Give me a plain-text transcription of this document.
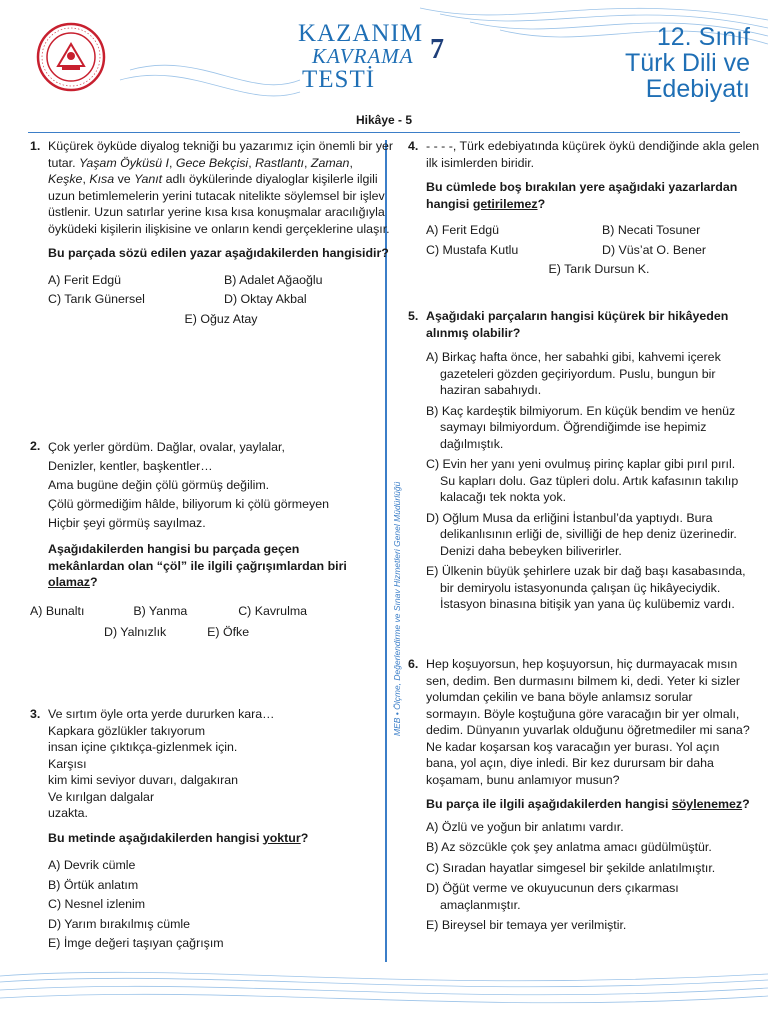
KAZANIM
KAVRAMA
TESTİ
7	12. Sınıf
Türk Dili ve
Edebiyatı
Hikâye - 5
MEB • Ölçme, Değerlendirme ve Sınav Hizmetleri Genel Müdürlüğü
1. Küçürek öyküde diyalog tekniği bu yazarımız için önemli bir yer tutar. Yaşam Öyküsü I, Gece Bekçisi, Rastlantı, Zaman, Keşke, Kısa ve Yanıt adlı öykülerinde diyaloglar kişilerle ilgili uzun betimlemelerin yerini tutacak nitelikte söylemsel bir işlev üstlenir. Uzun satırlar yerine kısa kısa konuşmalar aracılığıyla öyküdeki kişilerin ilişkisine ve onların kendi gerçeklerine ulaşır.
Bu parçada sözü edilen yazar aşağıdakilerden hangisidir?
A) Ferit Edgü	B) Adalet Ağaoğlu
C) Tarık Günersel	D) Oktay Akbal
E) Oğuz Atay
2. Çok yerler gördüm. Dağlar, ovalar, yaylalar,
Denizler, kentler, başkentler…
Ama bugüne değin çölü görmüş değilim.
Çölü görmediğim hâlde, biliyorum ki çölü görmeyen
Hiçbir şeyi görmüş sayılmaz.
Aşağıdakilerden hangisi bu parçada geçen mekânlardan olan “çöl” ile ilgili çağrışımlardan biri olamaz?
A) Bunaltı	B) Yanma	C) Kavrulma
D) Yalnızlık	E) Öfke
3. Ve sırtım öyle orta yerde dururken kara…
Kapkara gözlükler takıyorum
insan içine çıktıkça-gizlenmek için.
Karşısı
kim kimi seviyor duvarı, dalgakıran
Ve kırılgan dalgalar
uzakta.
Bu metinde aşağıdakilerden hangisi yoktur?
A) Devrik cümle
B) Örtük anlatım
C) Nesnel izlenim
D) Yarım bırakılmış cümle
E) İmge değeri taşıyan çağrışım
4. - - - -, Türk edebiyatında küçürek öykü dendiğinde akla gelen ilk isimlerden biridir.
Bu cümlede boş bırakılan yere aşağıdaki yazarlardan hangisi getirilemez?
A) Ferit Edgü	B) Necati Tosuner
C) Mustafa Kutlu	D) Vüs’at O. Bener
E) Tarık Dursun K.
5. Aşağıdaki parçaların hangisi küçürek bir hikâyeden alınmış olabilir?
A) Birkaç hafta önce, her sabahki gibi, kahvemi içerek gazeteleri gözden geçiriyordum. Puslu, bungun bir haziran sabahıydı.
B) Kaç kardeştik bilmiyorum. En küçük bendim ve henüz saymayı bilmiyordum. Öğrendiğimde ise hepimiz dağılmıştık.
C) Evin her yanı yeni ovulmuş pirinç kaplar gibi pırıl pırıl. Su kapları dolu. Gaz tüpleri dolu. Artık kafasının takılıp kalacağı tek nokta yok.
D) Oğlum Musa da erliğini İstanbul’da yaptıydı. Bura delikanlısının erliği de, sivilliği de hep deniz üzerinedir. Denizi daha bebeyken biliverirler.
E) Ülkenin büyük şehirlere uzak bir dağ başı kasabasında, bir demiryolu istasyonunda çalışan üç hikâyeciydik. İstasyon binasına bitişik yan yana üç kulübemiz vardı.
6. Hep koşuyorsun, hep koşuyorsun, hiç durmayacak mısın sen, dedim. Ben durmasını bilmem ki, dedi. Yeter ki sizler yolumdan çekilin ve bana böyle anlamsız sorular sormayın. Böyle koştuğuna göre varacağın bir yer olmalı, dedim. Dünyanın yuvarlak olduğunu öğretmediler mi sana? Ne kadar koşarsan koş varacağın yer burası. Yol açın bana, yol açın, diye inledi. Bir kez durursam bir daha koşamam, bunu anlamıyor musun?
Bu parça ile ilgili aşağıdakilerden hangisi söylenemez?
A) Özlü ve yoğun bir anlatımı vardır.
B) Az sözcükle çok şey anlatma amacı güdülmüştür.
C) Sıradan hayatlar simgesel bir şekilde anlatılmıştır.
D) Öğüt verme ve okuyucunun ders çıkarması amaçlanmıştır.
E) Bireysel bir temaya yer verilmiştir.
